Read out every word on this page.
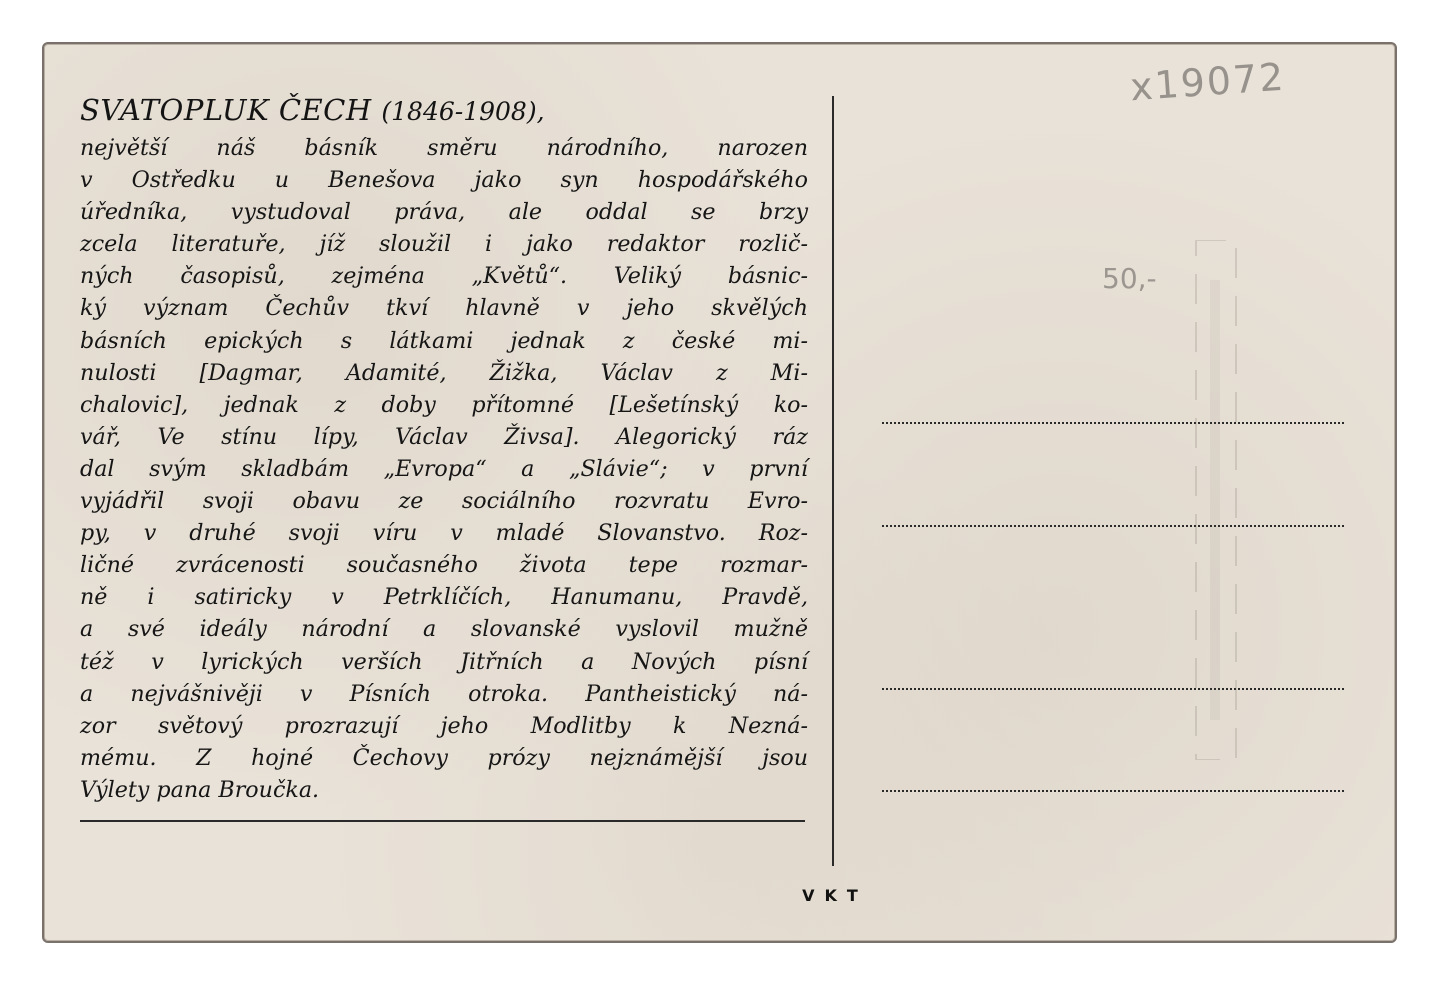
SVATOPLUK ČECH (1846-1908),
největší náš básník směru národního, narozen
v Ostředku u Benešova jako syn hospodářského
úředníka, vystudoval práva, ale oddal se brzy
zcela literatuře, jíž sloužil i jako redaktor rozlič-
ných časopisů, zejména „Květů“. Veliký básnic-
ký význam Čechův tkví hlavně v jeho skvělých
básních epických s látkami jednak z české mi-
nulosti [Dagmar, Adamité, Žižka, Václav z Mi-
chalovic], jednak z doby přítomné [Lešetínský ko-
vář, Ve stínu lípy, Václav Živsa]. Alegorický ráz
dal svým skladbám „Evropa“ a „Slávie“; v první
vyjádřil svoji obavu ze sociálního rozvratu Evro-
py, v druhé svoji víru v mladé Slovanstvo. Roz-
ličné zvrácenosti současného života tepe rozmar-
ně i satiricky v Petrklíčích, Hanumanu, Pravdě,
a své ideály národní a slovanské vyslovil mužně
též v lyrických verších Jitřních a Nových písní
a nejvášnivěji v Písních otroka. Pantheistický ná-
zor světový prozrazují jeho Modlitby k Nezná-
mému. Z hojné Čechovy prózy nejznámější jsou
Výlety pana Broučka.
VKT
x19072
50,-
